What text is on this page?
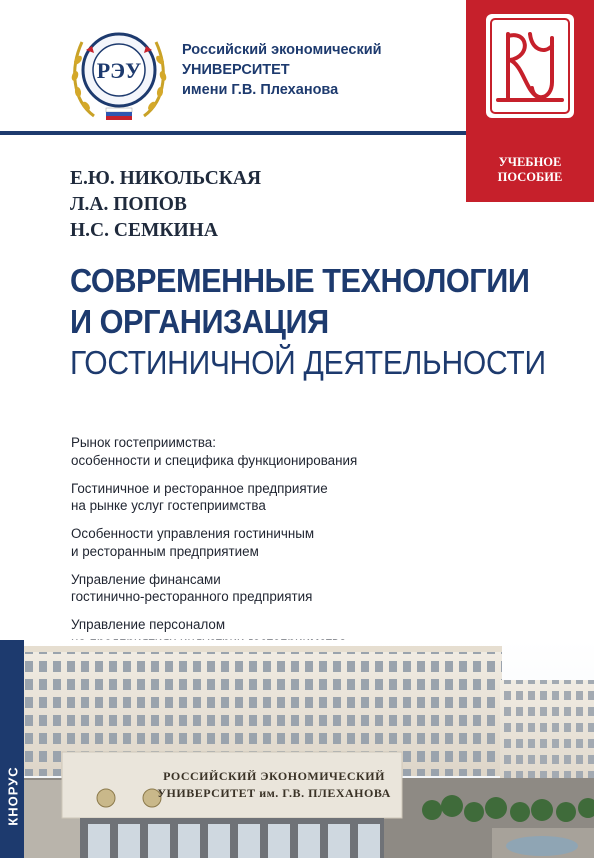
РЭУ
Российский экономический
УНИВЕРСИТЕТ
имени Г.В. Плеханова
УЧЕБНОЕ
ПОСОБИЕ
Е.Ю. НИКОЛЬСКАЯ
Л.А. ПОПОВ
Н.С. СЕМКИНА
СОВРЕМЕННЫЕ ТЕХНОЛОГИИ
И ОРГАНИЗАЦИЯ
ГОСТИНИЧНОЙ ДЕЯТЕЛЬНОСТИ
Рынок гостеприимства:
особенности и специфика функционирования
Гостиничное и ресторанное предприятие
на рынке услуг гостеприимства
Особенности управления гостиничным
и ресторанным предприятием
Управление финансами
гостинично-ресторанного предприятия
Управление персоналом
РОССИЙСКИЙ ЭКОНОМИЧЕСКИЙ
УНИВЕРСИТЕТ им. Г.В. ПЛЕХАНОВА
КНОРУС
